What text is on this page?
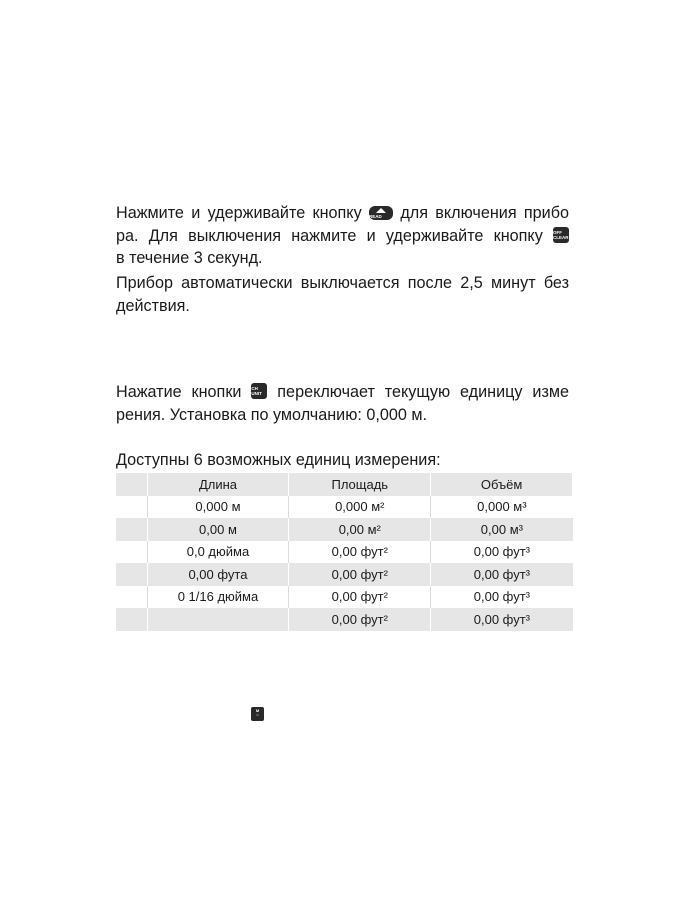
Нажмите и удерживайте кнопку READ	для включения прибо
ра. Для выключения нажмите и удерживайте кнопку OFF
CLEAR
в течение 3 секунд.
Прибор автоматически выключается после 2,5 минут без
действия.
Нажатие кнопки CH
UNIT переключает текущую единицу изме
рения. Установка по умолчанию: 0,000 м.
Доступны 6 возможных единиц измерения:
	Длина	Площадь	Объём
	0,000 м	0,000 м²	0,000 м³
	0,00 м	0,00 м²	0,00 м³
	0,0 дюйма	0,00 фут²	0,00 фут³
	0,00 фута	0,00 фут²	0,00 фут³
	0 1/16 дюйма	0,00 фут²	0,00 фут³
		0,00 фут²	0,00 фут³
M
⌂
